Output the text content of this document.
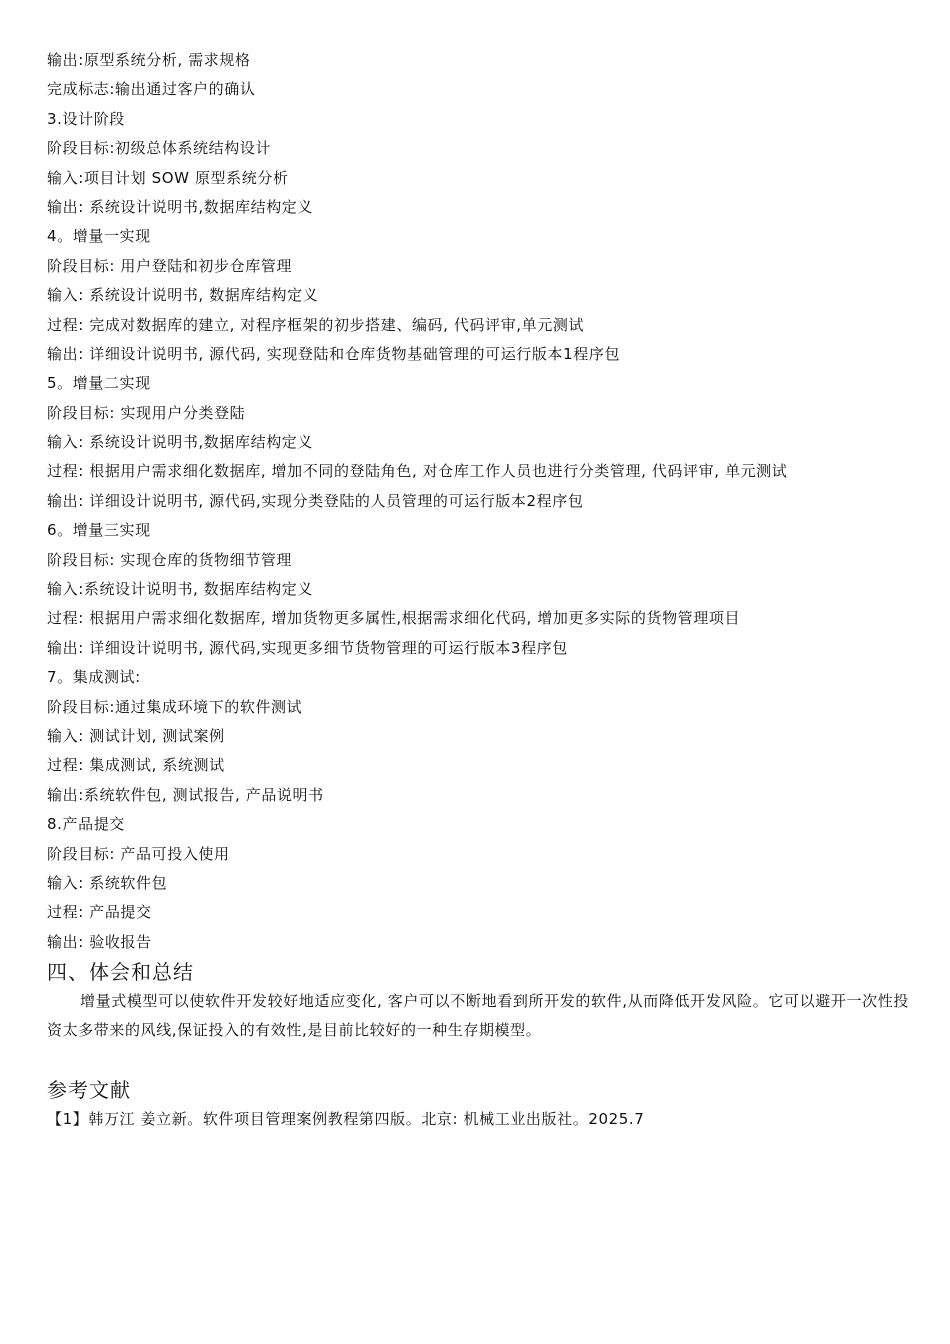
输出:原型系统分析, 需求规格
完成标志:输出通过客户的确认
3.设计阶段
阶段目标:初级总体系统结构设计
输入:项目计划 SOW 原型系统分析
输出: 系统设计说明书,数据库结构定义
4。增量一实现
阶段目标: 用户登陆和初步仓库管理
输入: 系统设计说明书, 数据库结构定义
过程: 完成对数据库的建立, 对程序框架的初步搭建、编码, 代码评审,单元测试
输出: 详细设计说明书, 源代码, 实现登陆和仓库货物基础管理的可运行版本1程序包
5。增量二实现
阶段目标: 实现用户分类登陆
输入: 系统设计说明书,数据库结构定义
过程: 根据用户需求细化数据库, 增加不同的登陆角色, 对仓库工作人员也进行分类管理, 代码评审, 单元测试
输出: 详细设计说明书, 源代码,实现分类登陆的人员管理的可运行版本2程序包
6。增量三实现
阶段目标: 实现仓库的货物细节管理
输入:系统设计说明书, 数据库结构定义
过程: 根据用户需求细化数据库, 增加货物更多属性,根据需求细化代码, 增加更多实际的货物管理项目
输出: 详细设计说明书, 源代码,实现更多细节货物管理的可运行版本3程序包
7。集成测试:
阶段目标:通过集成环境下的软件测试
输入: 测试计划, 测试案例
过程: 集成测试, 系统测试
输出:系统软件包, 测试报告, 产品说明书
8.产品提交
阶段目标: 产品可投入使用
输入: 系统软件包
过程: 产品提交
输出: 验收报告
四、体会和总结
增量式模型可以使软件开发较好地适应变化, 客户可以不断地看到所开发的软件,从而降低开发风险。它可以避开一次性投资太多带来的风线,保证投入的有效性,是目前比较好的一种生存期模型。
参考文献
【1】韩万江 姜立新。软件项目管理案例教程第四版。北京: 机械工业出版社。2025.7
